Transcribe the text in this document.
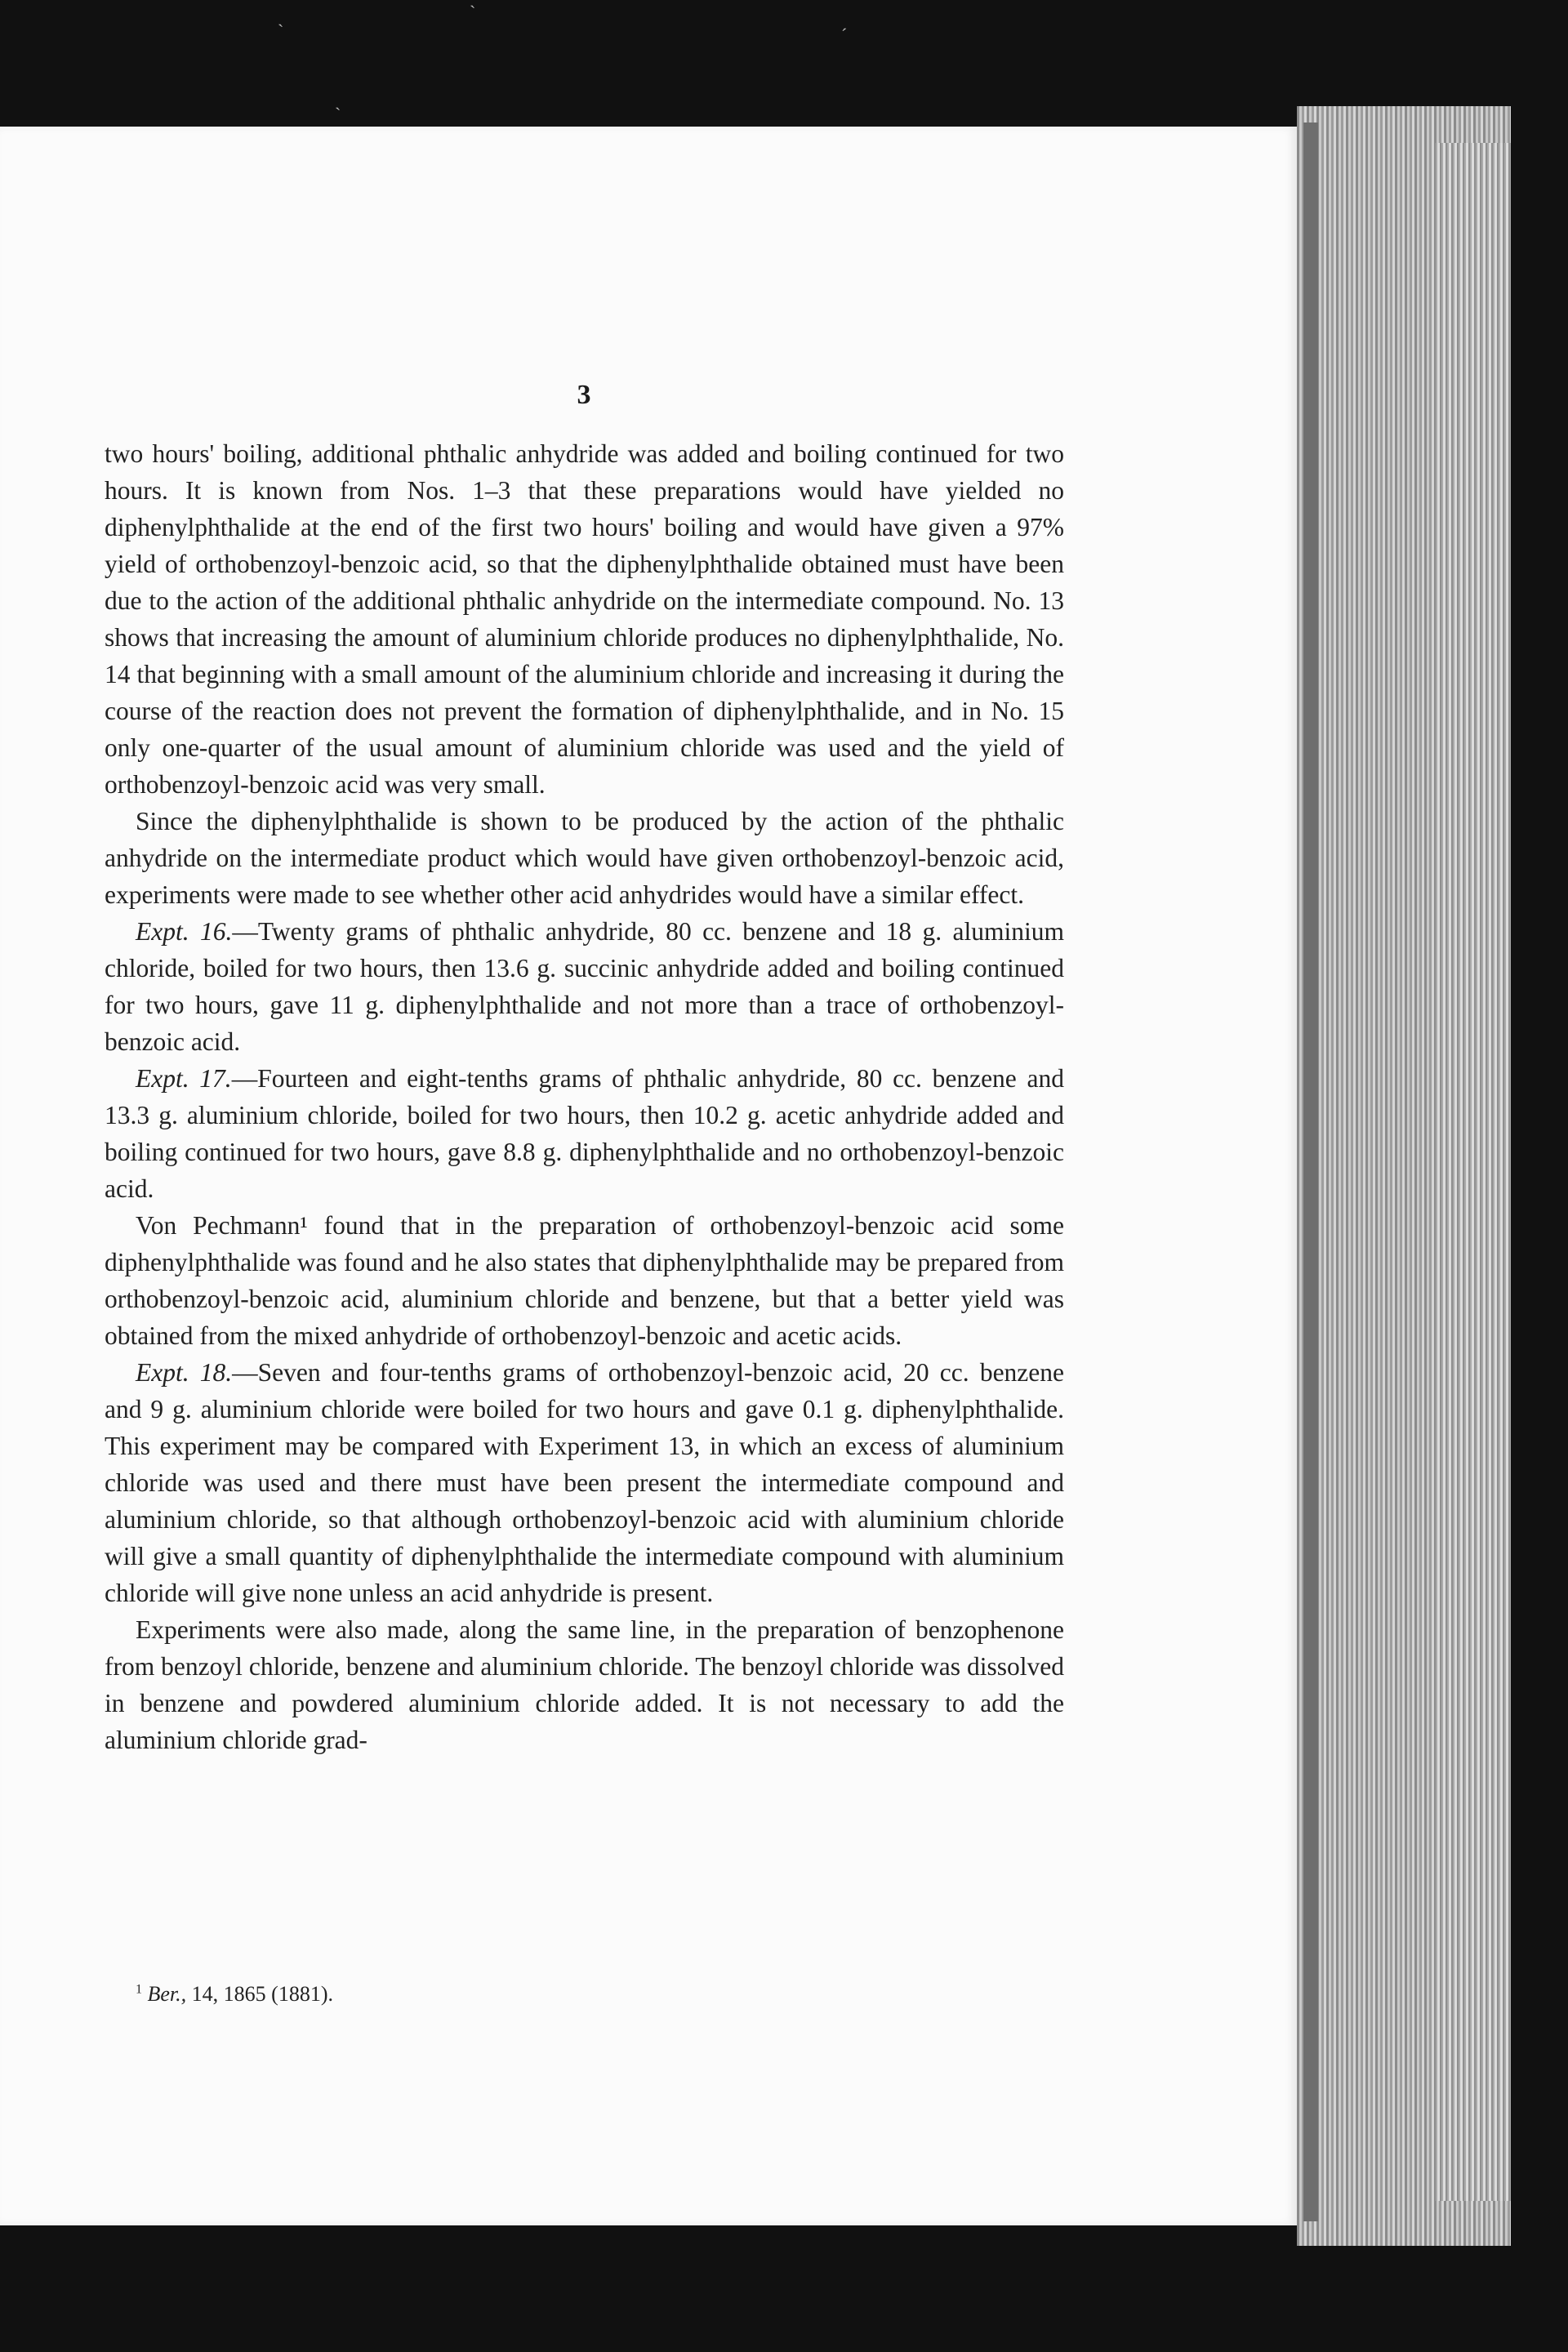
ˎ	ˋ
ˊ
ˎ
3

two hours' boiling, additional phthalic anhydride was added and boiling continued for two hours. It is known from Nos. 1–3 that these preparations would have yielded no diphenylphthalide at the end of the first two hours' boiling and would have given a 97% yield of orthobenzoyl-benzoic acid, so that the diphenylphthalide obtained must have been due to the action of the additional phthalic anhydride on the intermediate compound. No. 13 shows that increasing the amount of aluminium chloride produces no diphenylphthalide, No. 14 that beginning with a small amount of the aluminium chloride and increasing it during the course of the reaction does not prevent the formation of diphenylphthalide, and in No. 15 only one-quarter of the usual amount of aluminium chloride was used and the yield of orthobenzoyl-benzoic acid was very small.

Since the diphenylphthalide is shown to be produced by the action of the phthalic anhydride on the intermediate product which would have given orthobenzoyl-benzoic acid, experiments were made to see whether other acid anhydrides would have a similar effect.

Expt. 16.—Twenty grams of phthalic anhydride, 80 cc. benzene and 18 g. aluminium chloride, boiled for two hours, then 13.6 g. succinic anhydride added and boiling continued for two hours, gave 11 g. diphenylphthalide and not more than a trace of orthobenzoyl-benzoic acid.

Expt. 17.—Fourteen and eight-tenths grams of phthalic anhydride, 80 cc. benzene and 13.3 g. aluminium chloride, boiled for two hours, then 10.2 g. acetic anhydride added and boiling continued for two hours, gave 8.8 g. diphenylphthalide and no orthobenzoyl-benzoic acid.

Von Pechmann¹ found that in the preparation of orthobenzoyl-benzoic acid some diphenylphthalide was found and he also states that diphenylphthalide may be prepared from orthobenzoyl-benzoic acid, aluminium chloride and benzene, but that a better yield was obtained from the mixed anhydride of orthobenzoyl-benzoic and acetic acids.

Expt. 18.—Seven and four-tenths grams of orthobenzoyl-benzoic acid, 20 cc. benzene and 9 g. aluminium chloride were boiled for two hours and gave 0.1 g. diphenylphthalide. This experiment may be compared with Experiment 13, in which an excess of aluminium chloride was used and there must have been present the intermediate compound and aluminium chloride, so that although orthobenzoyl-benzoic acid with aluminium chloride will give a small quantity of diphenylphthalide the intermediate compound with aluminium chloride will give none unless an acid anhydride is present.

Experiments were also made, along the same line, in the preparation of benzophenone from benzoyl chloride, benzene and aluminium chloride. The benzoyl chloride was dissolved in benzene and powdered aluminium chloride added. It is not necessary to add the aluminium chloride grad-

$^1$ Ber., 14, 1865 (1881).
